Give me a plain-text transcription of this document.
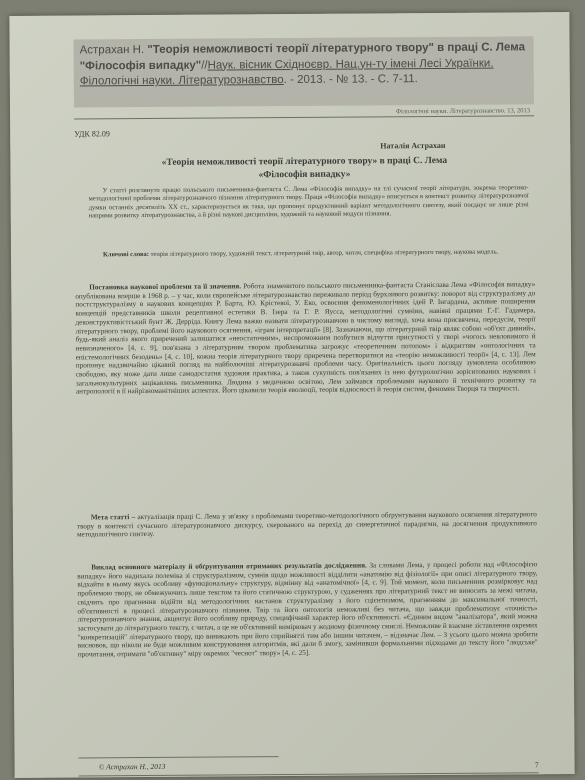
Астрахан Н. "Теорія неможливості теорії літературного твору" в праці С. Лема "Філософія випадку"//Наук. вісник Східноєвр. Нац.ун-ту імені Лесі Українки. Філологічні науки. Літературознавство. - 2013. - № 13. - С. 7-11.
Філологічні науки. Літературознавство. 13, 2013
УДК 82.09
Наталія Астрахан
«Теорія неможливості теорії літературного твору» в праці С. Лема
«Філософія випадку»
У статті розглянуто працю польського письменника-фантаста С. Лема «Філософія випадку» на тлі сучасної теорії літератури, зокрема теоретико-методологічної проблеми літературознавчого пізнання літературного твору. Праця «Філософія випадку» вписується в контекст розвитку літературознавчої думки останніх десятиліть XX ст., характеризується як така, що пропонує продуктивний варіант методологічного синтезу, який поєднує не лише різні напрями розвитку літературознавства, а й різні наукові дисципліни, художній та науковий модуси пізнання.
Ключові слова: теорія літературного твору, художній текст, літературний твір, автор, читач, специфіка літературного твору, наукова модель.
Постановка наукової проблеми та її значення. Робота знаменитого польського письменника-фантаста Станіслава Лема «Філософія випадку» опублікована вперше в 1968 р. – у час, коли європейське літературознавство переживало період бурхливого розвитку: поворот від структуралізму до постструктуралізму в наукових концепціях Р. Барта, Ю. Крістевої, У. Еко, освоєння феноменологічних ідей Р. Інгардена, активне поширення концепцій представників школи рецептивної естетики В. Ізера та Г. Р. Яусса, методологічні сумніви, навіяні працями Г.-Г. Гадамера, деконструктивістський бунт Ж. Дерріда. Книгу Лема важко назвати літературознавчою в чистому вигляді, хоча вона присвячена, передусім, теорії літературного твору, проблемі його наукового осягнення, «іграм інтерпретації» [8]. Зазначаючи, що літературний твір являє собою «об'єкт дивний», будь-який аналіз якого приречений залишатися «неостаточним», неспроможним позбутися відчуття присутності у творі «чогось невловимого й невизначеного» [4, с. 9], пов'язана з літературним твором проблематика загрожує «теоретичним потопом» і відкриттям «онтологічних та епістемологічних безодень» [4, с. 10], кожна теорія літературного твору приречена перетворитися на «теорію неможливості теорії» [4, с. 13]. Лем пропонує надзвичайно цікавий погляд на найболючіші літературознавчі проблеми часу. Оригінальність цього погляду зумовлена особливою свободою, яку може дати лише самодостатня художня практика, а також сукупність пов'язаних із нею футурологічно зорієнтованих наукових і загальнокультурних зацікавлень письменника. Людина з медичною освітою, Лем займався проблемами наукового й технічного розвитку та антропології в її найрізноманітніших аспектах. Його цікавили теорія еволюції, теорія відносності й теорія систем, феномен Творця та творчості.
Мета статті – актуалізація праці С. Лема у зв'язку з проблемами теоретико-методологічного обґрунтування наукового осягнення літературного твору в контексті сучасного літературознавчого дискурсу, скерованого на перехід до синергетичної парадигми, на досягнення продуктивного методологічного синтезу.
Виклад основного матеріалу й обґрунтування отриманих результатів дослідження. За словами Лема, у процесі роботи над «Філософією випадку» його надихала полеміка зі структуралізмом, сумнів щодо можливості відділити «анатомію від фізіології» при описі літературного твору, відхайти в ньому якусь особливу «функціональну» структуру, відмінну від «анатомічної» [4, с. 9]. Той момент, коли письменник розмірковує над проблемою твору, не обмежуючись лише текстом та його статичною структурою, у судженнях про літературний текст не виносить за межі читача, свідчить про прагнення відійти від методологічних настанов структуралізму з його сцієнтизмом, прагненням до максимальної точності, об'єктивності в процесі літературознавчого пізнання. Твір та його онтологія неможливі без читача, що завжди проблематизує «точність» літературознавчого знання, акцентує його особливу природу, специфічний характер його об'єктивності. «Єдиним видом "аналізатора", який можна застосувати до літературного тексту, є читач, а це не об'єктивний вимірювач у жодному фізичному смислі. Неможливе й взаємне зіставлення окремих "конкретизацій" літературного твору, що виникають при його сприйнятті тим або іншим читачем, – відзначає Лем. – З усього цього можна зробити висновок, що ніколи не буде можливим конструювання алгоритмів, які дали б змогу, замінивши формальними підходами до тексту його "людське" прочитання, отримати "об'єктивну" міру окремих "чеснот" твору» [4, с. 25].
© Астрахан Н., 2013	7
